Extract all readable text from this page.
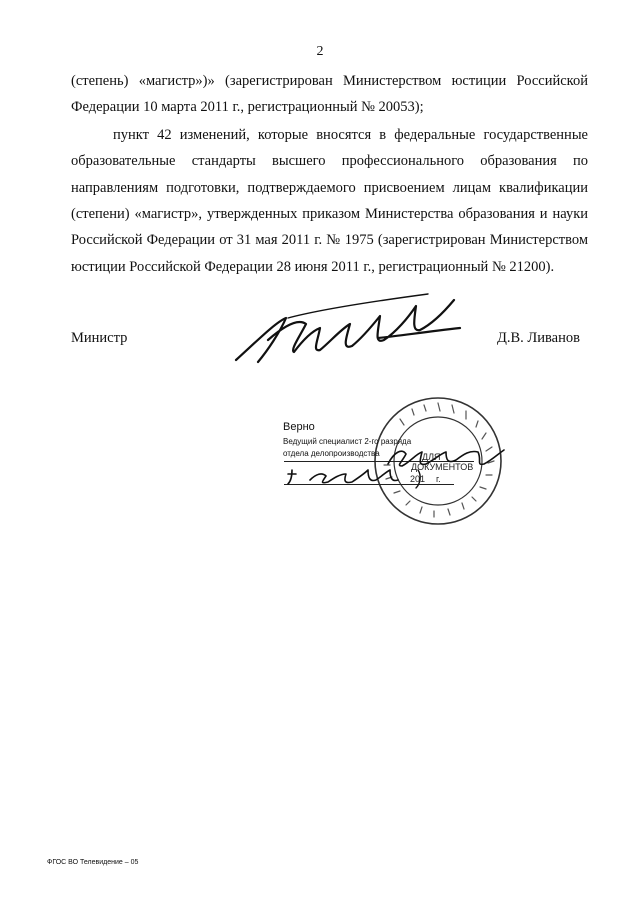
2

(степень) «магистр»)» (зарегистрирован Министерством юстиции Российской Федерации 10 марта 2011 г., регистрационный № 20053);

пункт 42 изменений, которые вносятся в федеральные государственные образовательные стандарты высшего профессионального образования по направлениям подготовки, подтверждаемого присвоением лицам квалификации (степени) «магистр», утвержденных приказом Министерства образования и науки Российской Федерации от 31 мая 2011 г. № 1975 (зарегистрирован Министерством юстиции Российской Федерации 28 июня 2011 г., регистрационный № 21200).

Министр	Д.В. Ливанов
Верно
Ведущий специалист 2-го разряда
отдела делопроизводства	ДЛЯ
ДОКУМЕНТОВ
201 г.
ФГОС ВО Телевидение – 05
